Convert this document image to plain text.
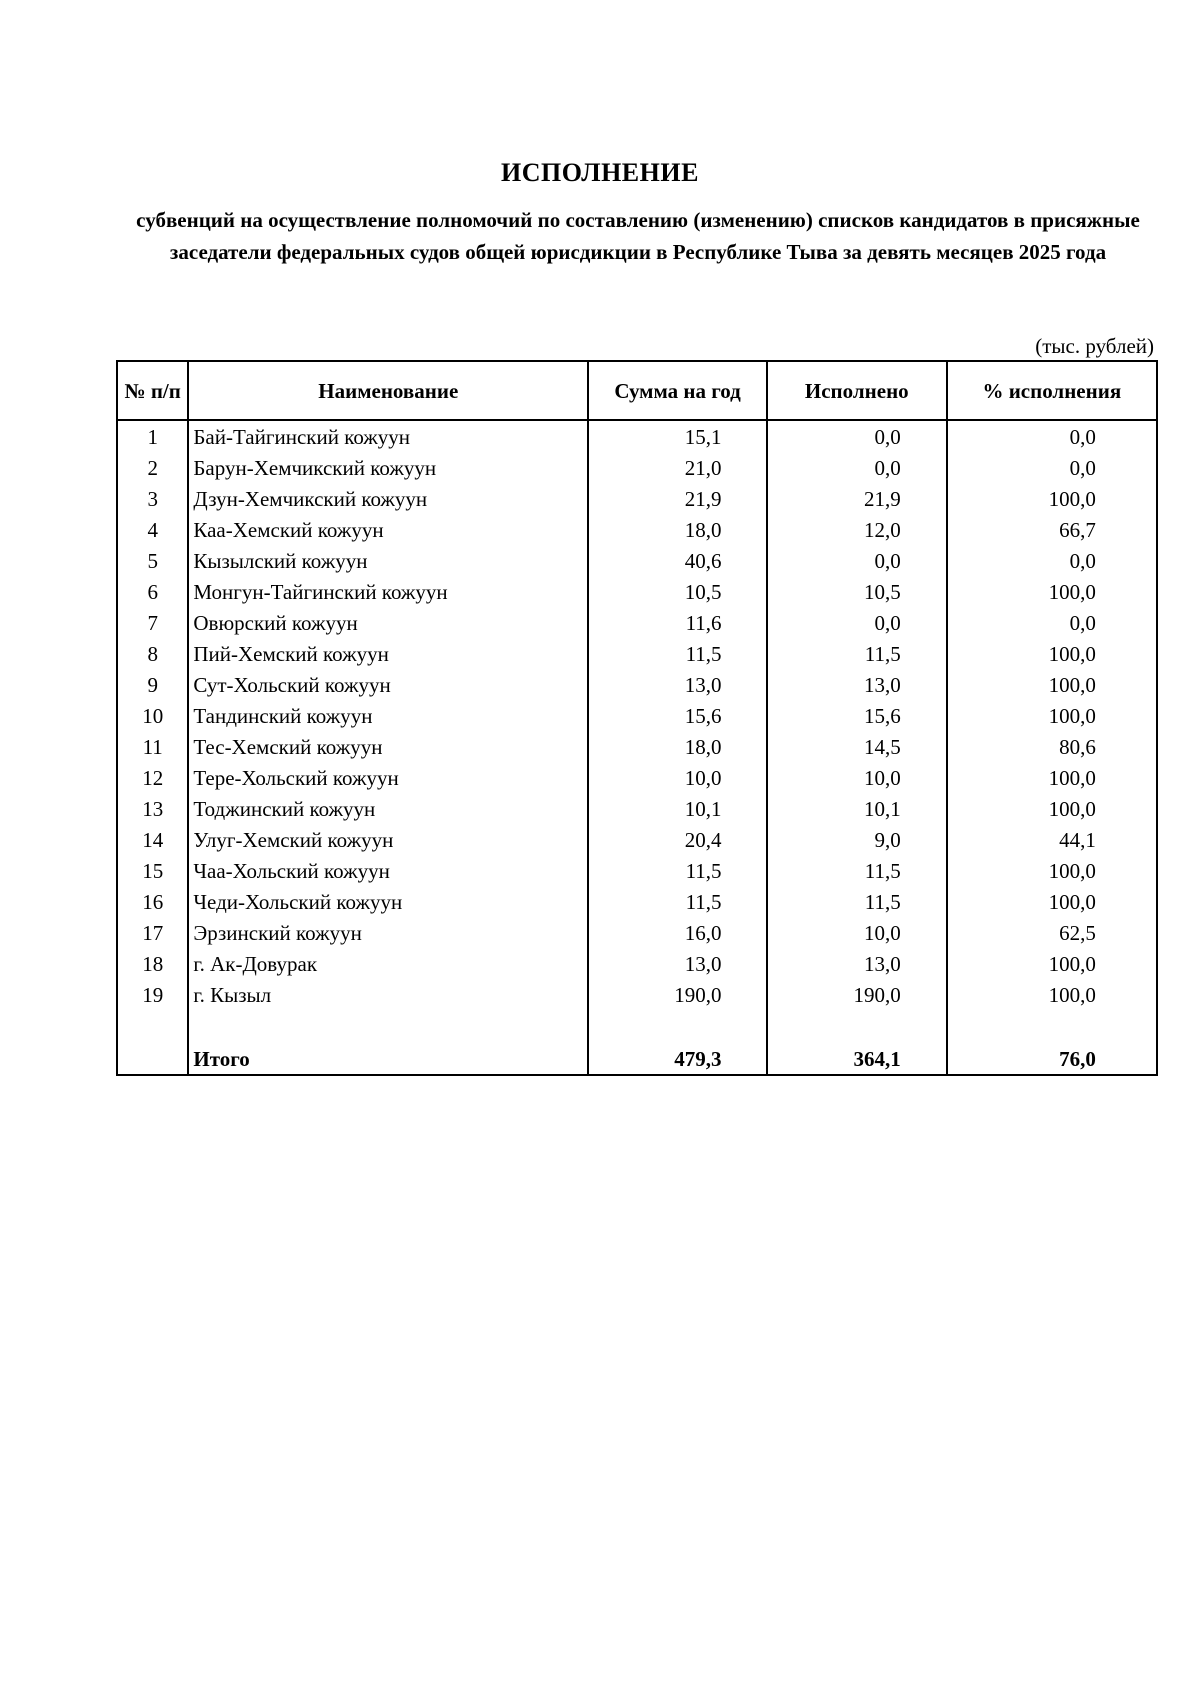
ИСПОЛНЕНИЕ
субвенций на осуществление полномочий по составлению (изменению) списков кандидатов в присяжные заседатели федеральных судов общей юрисдикции в Республике Тыва за девять месяцев 2025 года
(тыс. рублей)
№ п/п	Наименование	Сумма на год	Исполнено	% исполнения
1	Бай-Тайгинский кожуун	15,1	0,0	0,0
2	Барун-Хемчикский кожуун	21,0	0,0	0,0
3	Дзун-Хемчикский кожуун	21,9	21,9	100,0
4	Каа-Хемский кожуун	18,0	12,0	66,7
5	Кызылский кожуун	40,6	0,0	0,0
6	Монгун-Тайгинский кожуун	10,5	10,5	100,0
7	Овюрский кожуун	11,6	0,0	0,0
8	Пий-Хемский кожуун	11,5	11,5	100,0
9	Сут-Хольский кожуун	13,0	13,0	100,0
10	Тандинский кожуун	15,6	15,6	100,0
11	Тес-Хемский кожуун	18,0	14,5	80,6
12	Тере-Хольский кожуун	10,0	10,0	100,0
13	Тоджинский кожуун	10,1	10,1	100,0
14	Улуг-Хемский кожуун	20,4	9,0	44,1
15	Чаа-Хольский кожуун	11,5	11,5	100,0
16	Чеди-Хольский кожуун	11,5	11,5	100,0
17	Эрзинский кожуун	16,0	10,0	62,5
18	г. Ак-Довурак	13,0	13,0	100,0
19	г. Кызыл	190,0	190,0	100,0

	Итого	479,3	364,1	76,0
